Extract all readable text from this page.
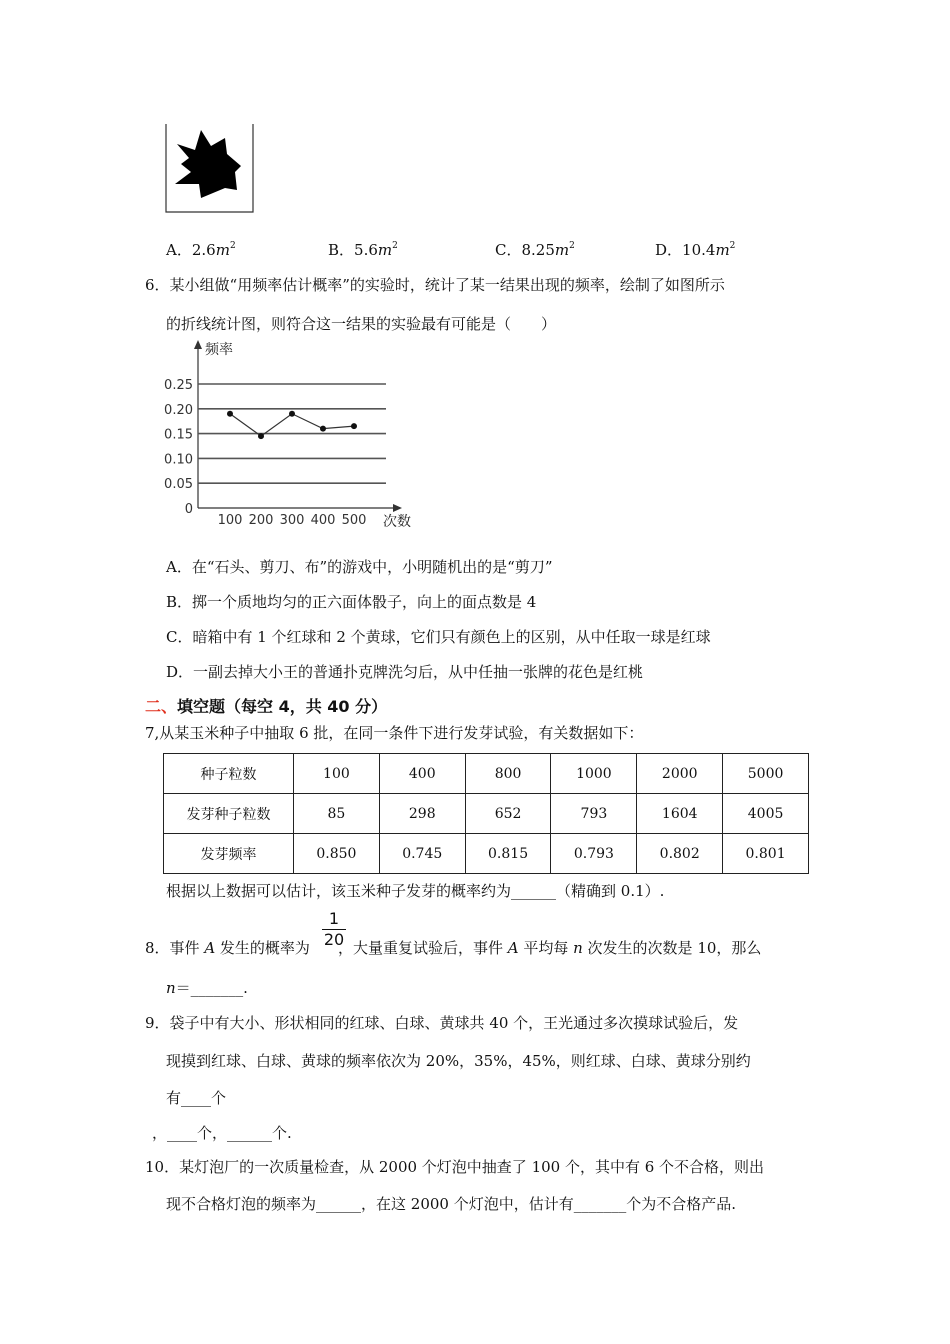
A．$2.6m^2$	B．$5.6m^2$	C．$8.25m^2$	D．$10.4m^2$
6．某小组做“用频率估计概率”的实验时，统计了某一结果出现的频率，绘制了如图所示
的折线统计图，则符合这一结果的实验最有可能是（　　）
频率
次数
0.25
0.20
0.15
0.10
0.05
0
100 200 300 400 500
A．在“石头、剪刀、布”的游戏中，小明随机出的是“剪刀”
B．掷一个质地均匀的正六面体骰子，向上的面点数是 4
C．暗箱中有 1 个红球和 2 个黄球，它们只有颜色上的区别，从中任取一球是红球
D．一副去掉大小王的普通扑克牌洗匀后，从中任抽一张牌的花色是红桃
二、填空题（每空 4，共 40 分）
7,从某玉米种子中抽取 6 批，在同一条件下进行发芽试验，有关数据如下：
种子粒数	100	400	800	1000	2000	5000
发芽种子粒数	85	298	652	793	1604	4005
发芽频率	0.850	0.745	0.815	0.793	0.802	0.801
根据以上数据可以估计，该玉米种子发芽的概率约为______（精确到 0.1）.
8．事件 A 发生的概率为 ，大量重复试验后，事件 A 平均每 n 次发生的次数是 10，那么
1
20
n＝_______.
9．袋子中有大小、形状相同的红球、白球、黄球共 40 个，王光通过多次摸球试验后，发
现摸到红球、白球、黄球的频率依次为 20%，35%，45%，则红球、白球、黄球分别约
有____个
，____个，______个.
10．某灯泡厂的一次质量检查，从 2000 个灯泡中抽查了 100 个，其中有 6 个不合格，则出
现不合格灯泡的频率为______，在这 2000 个灯泡中，估计有_______个为不合格产品.
